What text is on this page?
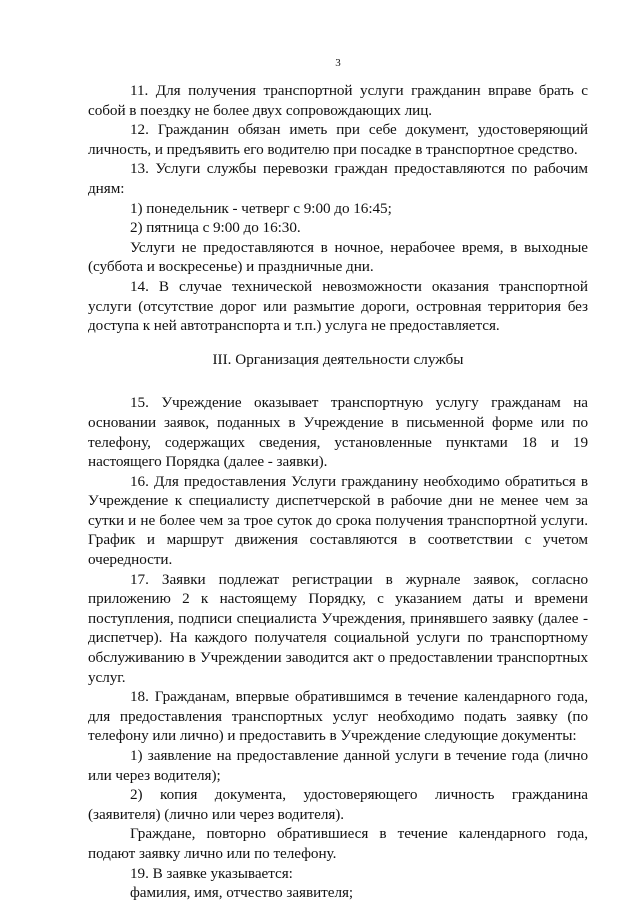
3

11. Для получения транспортной услуги гражданин вправе брать с собой в поездку не более двух сопровождающих лиц.

12. Гражданин обязан иметь при себе документ, удостоверяющий личность, и предъявить его водителю при посадке в транспортное средство.

13. Услуги службы перевозки граждан предоставляются по рабочим дням:

1) понедельник - четверг с 9:00 до 16:45;

2) пятница с 9:00 до 16:30.

Услуги не предоставляются в ночное, нерабочее время, в выходные (суббота и воскресенье) и праздничные дни.

14. В случае технической невозможности оказания транспортной услуги (отсутствие дорог или размытие дороги, островная территория без доступа к ней автотранспорта и т.п.) услуга не предоставляется.

III. Организация деятельности службы

15. Учреждение оказывает транспортную услугу гражданам на основании заявок, поданных в Учреждение в письменной форме или по телефону, содержащих сведения, установленные пунктами 18 и 19 настоящего Порядка (далее - заявки).

16. Для предоставления Услуги гражданину необходимо обратиться в Учреждение к специалисту диспетчерской в рабочие дни не менее чем за сутки и не более чем за трое суток до срока получения транспортной услуги. График и маршрут движения составляются в соответствии с учетом очередности.

17. Заявки подлежат регистрации в журнале заявок, согласно приложению 2 к настоящему Порядку, с указанием даты и времени поступления, подписи специалиста Учреждения, принявшего заявку (далее - диспетчер). На каждого получателя социальной услуги по транспортному обслуживанию в Учреждении заводится акт о предоставлении транспортных услуг.

18. Гражданам, впервые обратившимся в течение календарного года, для предоставления транспортных услуг необходимо подать заявку (по телефону или лично) и предоставить в Учреждение следующие документы:

1) заявление на предоставление данной услуги в течение года (лично или через водителя);

2) копия документа, удостоверяющего личность гражданина (заявителя) (лично или через водителя).

Граждане, повторно обратившиеся в течение календарного года, подают заявку лично или по телефону.

19. В заявке указывается:

фамилия, имя, отчество заявителя;
